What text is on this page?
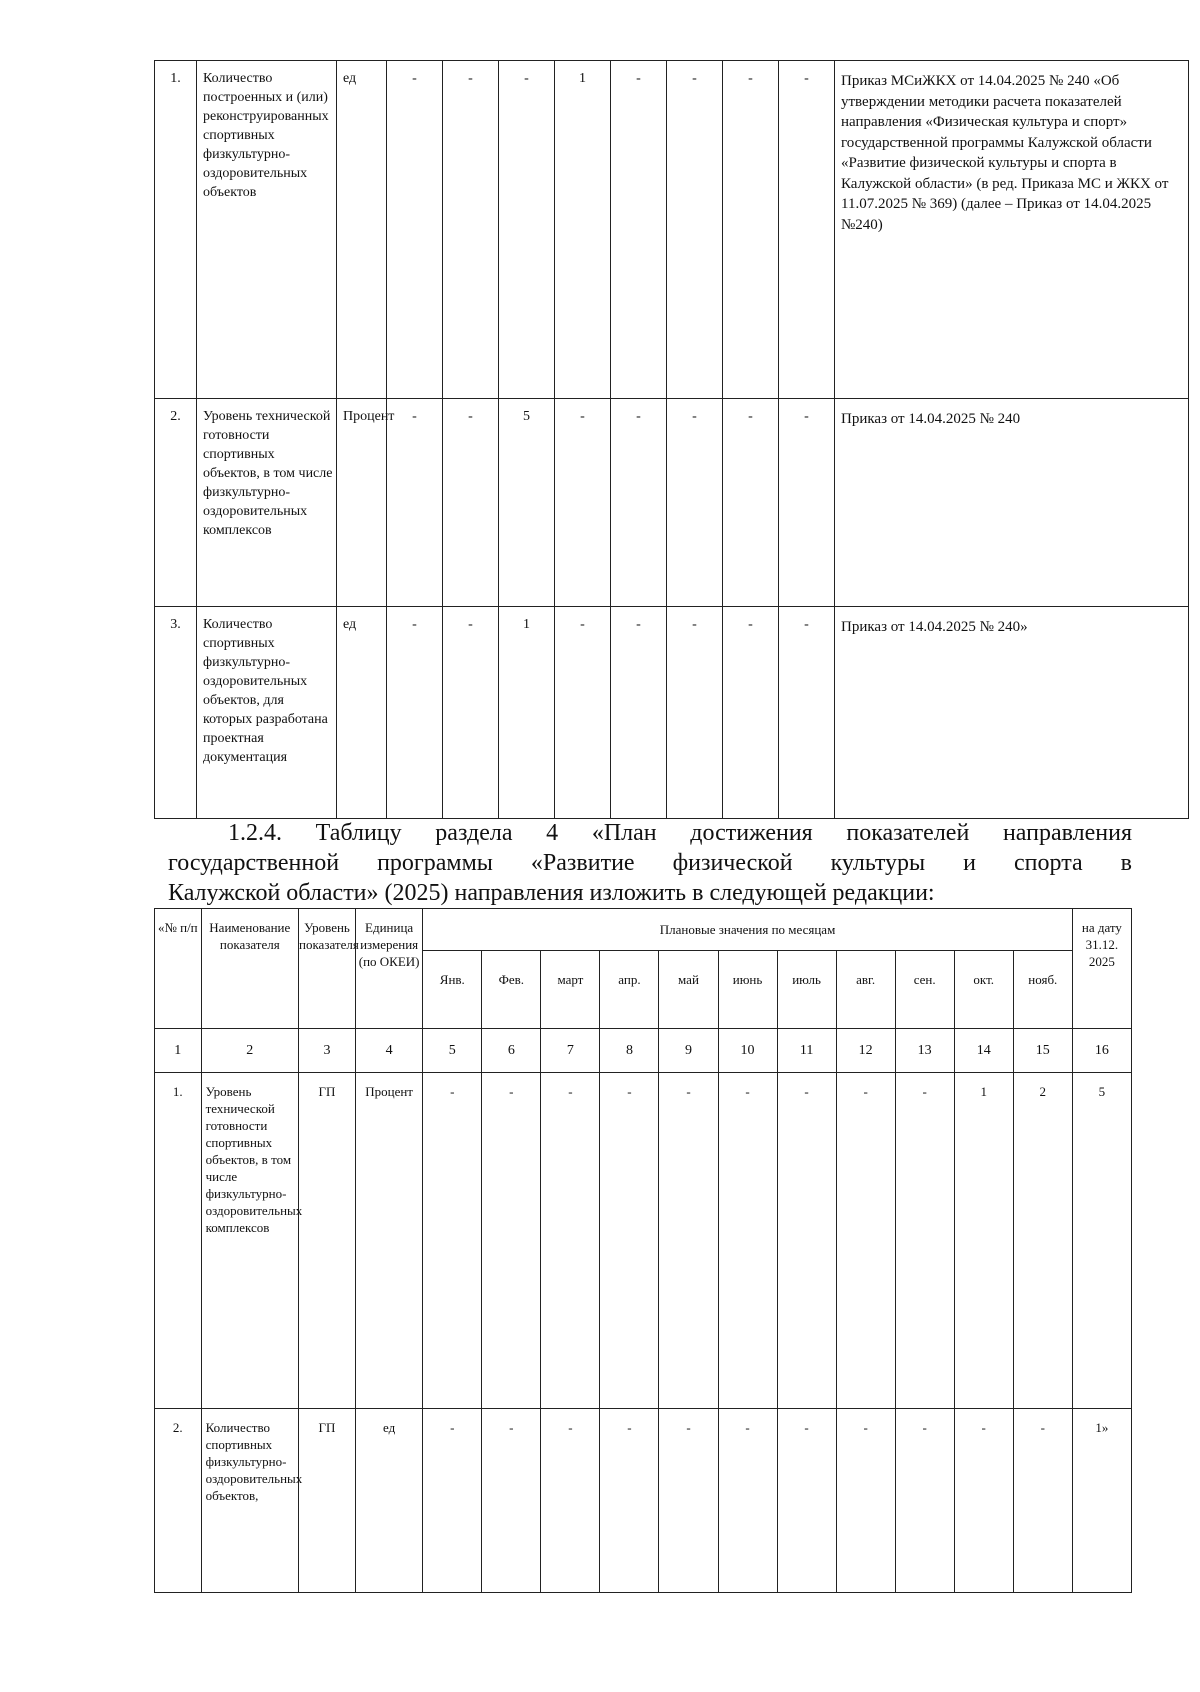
1.	Количество построенных и (или) реконструированных спортивных физкультурно-оздоровительных объектов	ед	-	-	-	1	-	-	-	-	Приказ МСиЖКХ от 14.04.2025 № 240 «Об утверждении методики расчета показателей направления «Физическая культура и спорт» государственной программы Калужской области «Развитие физической культуры и спорта в Калужской области» (в ред. Приказа МС и ЖКХ от 11.07.2025 № 369) (далее – Приказ от 14.04.2025 №240)
2.	Уровень технической готовности спортивных объектов, в том числе физкультурно-оздоровительных комплексов	Процент	-	-	5	-	-	-	-	-	Приказ от 14.04.2025 № 240
3.	Количество спортивных физкультурно-оздоровительных объектов, для которых разработана проектная документация	ед	-	-	1	-	-	-	-	-	Приказ от 14.04.2025 № 240»
1.2.4. Таблицу раздела 4 «План достижения показателей направления
государственной программы «Развитие физической культуры и спорта в
Калужской области» (2025) направления изложить в следующей редакции:
«№ п/п	Наименование показателя	Уровень показателя	Единица измерения (по ОКЕИ)	Плановые значения по месяцам											на дату 31.12. 2025
				Янв.	Фев.	март	апр.	май	июнь	июль	авг.	сен.	окт.	нояб.	
1	2	3	4	5	6	7	8	9	10	11	12	13	14	15	16
1.	Уровень технической готовности спортивных объектов, в том числе физкультурно-оздоровительных комплексов	ГП	Процент	-	-	-	-	-	-	-	-	-	1	2	5
2.	Количество спортивных физкультурно-оздоровительных объектов,	ГП	ед	-	-	-	-	-	-	-	-	-	-	-	1»
